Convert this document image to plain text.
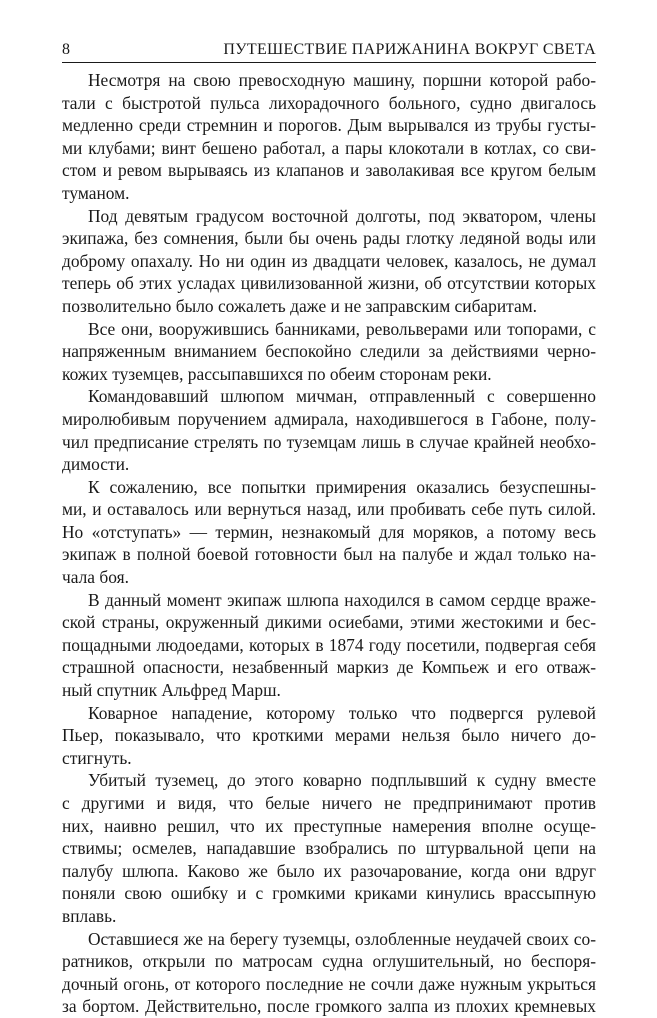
8	ПУТЕШЕСТВИЕ ПАРИЖАНИНА ВОКРУГ СВЕТА

Несмотря на свою превосходную машину, поршни которой рабо-
тали с быстротой пульса лихорадочного больного, судно двигалось
медленно среди стремнин и порогов. Дым вырывался из трубы густы-
ми клубами; винт бешено работал, а пары клокотали в котлах, со сви-
стом и ревом вырываясь из клапанов и заволакивая все кругом белым
туманом.

Под девятым градусом восточной долготы, под экватором, члены
экипажа, без сомнения, были бы очень рады глотку ледяной воды или
доброму опахалу. Но ни один из двадцати человек, казалось, не думал
теперь об этих усладах цивилизованной жизни, об отсутствии которых
позволительно было сожалеть даже и не заправским сибаритам.

Все они, вооружившись банниками, револьверами или топорами, с
напряженным вниманием беспокойно следили за действиями черно-
кожих туземцев, рассыпавшихся по обеим сторонам реки.

Командовавший шлюпом мичман, отправленный с совершенно
миролюбивым поручением адмирала, находившегося в Габоне, полу-
чил предписание стрелять по туземцам лишь в случае крайней необхо-
димости.

К сожалению, все попытки примирения оказались безуспешны-
ми, и оставалось или вернуться назад, или пробивать себе путь силой.
Но «отступать» — термин, незнакомый для моряков, а потому весь
экипаж в полной боевой готовности был на палубе и ждал только на-
чала боя.

В данный момент экипаж шлюпа находился в самом сердце враже-
ской страны, окруженный дикими осиебами, этими жестокими и бес-
пощадными людоедами, которых в 1874 году посетили, подвергая себя
страшной опасности, незабвенный маркиз де Компьеж и его отваж-
ный спутник Альфред Марш.

Коварное нападение, которому только что подвергся рулевой
Пьер, показывало, что кроткими мерами нельзя было ничего до-
стигнуть.

Убитый туземец, до этого коварно подплывший к судну вместе
с другими и видя, что белые ничего не предпринимают против
них, наивно решил, что их преступные намерения вполне осуще-
ствимы; осмелев, нападавшие взобрались по штурвальной цепи на
палубу шлюпа. Каково же было их разочарование, когда они вдруг
поняли свою ошибку и с громкими криками кинулись врассыпную
вплавь.

Оставшиеся же на берегу туземцы, озлобленные неудачей своих со-
ратников, открыли по матросам судна оглушительный, но беспоря-
дочный огонь, от которого последние не сочли даже нужным укрыться
за бортом. Действительно, после громкого залпа из плохих кремневых
